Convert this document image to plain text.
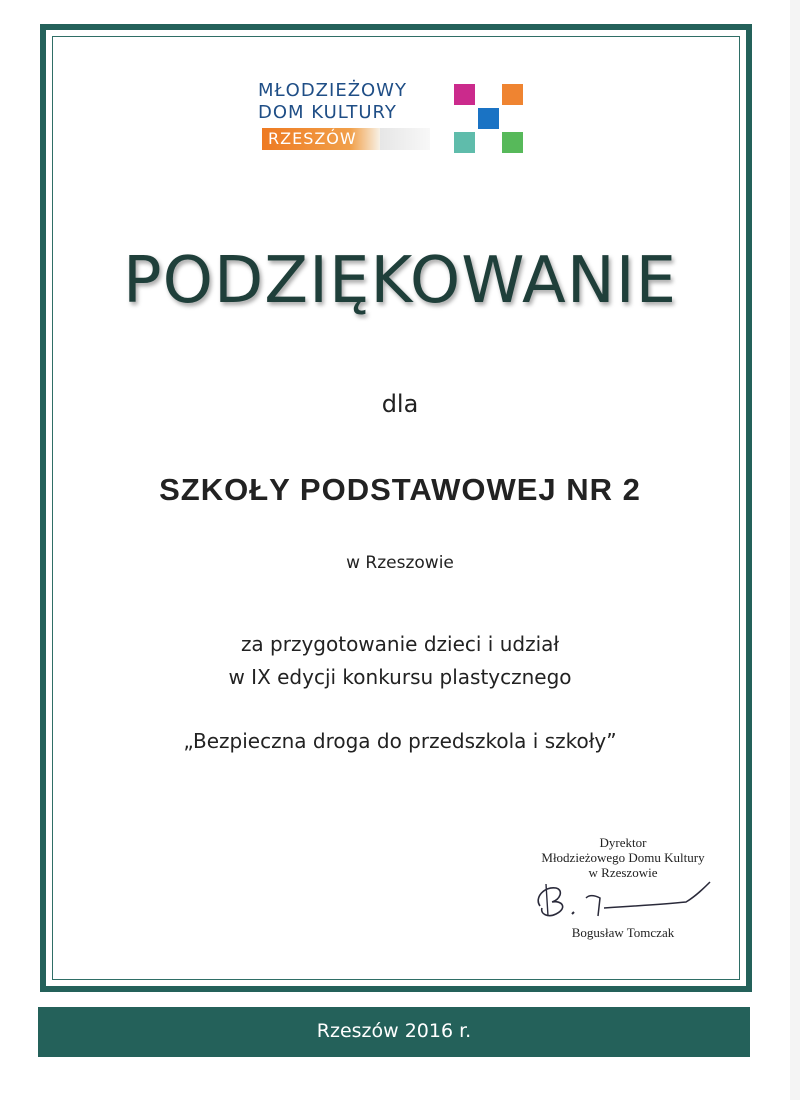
MŁODZIEŻOWY
DOM KULTURY
RZESZÓW
PODZIĘKOWANIE
dla
SZKOŁY PODSTAWOWEJ NR 2
w Rzeszowie
za przygotowanie dzieci i udział
w IX edycji konkursu plastycznego
„Bezpieczna droga do przedszkola i szkoły”
Dyrektor
Młodzieżowego Domu Kultury
w Rzeszowie
Bogusław Tomczak
Rzeszów 2016 r.
